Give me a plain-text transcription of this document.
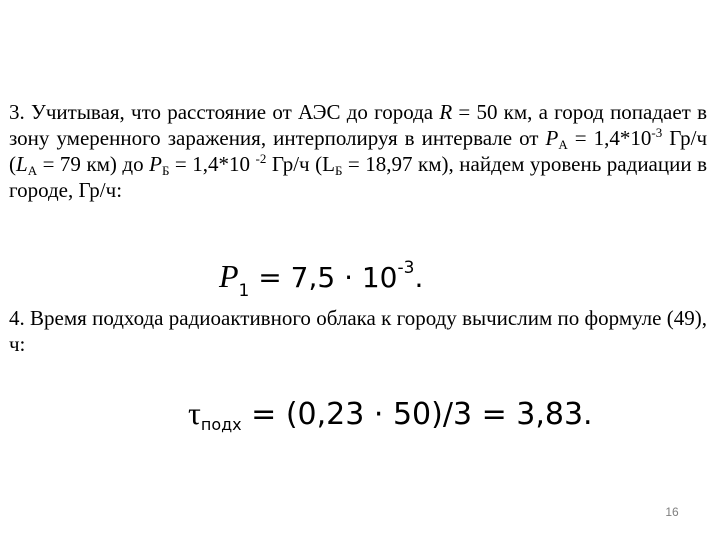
3. Учитывая, что расстояние от АЭС до города R = 50 км, а город попадает в зону умеренного заражения, интерполируя в интервале от $P_А = 1,4*10^{-3}$ Гр/ч ($L_А = 79$ км) до $P_Б = 1,4*10$ $^{-2}$ Гр/ч ($L_Б = 18,97$ км), найдем уровень радиации в городе, Гр/ч:
$P_1 = 7,5 \cdot 10^{-3}$.
4. Время подхода радиоактивного облака к городу вычислим по формуле (49), ч:
$\tau_{подх} = (0,23 \cdot 50)/3 = 3,83$.
16
